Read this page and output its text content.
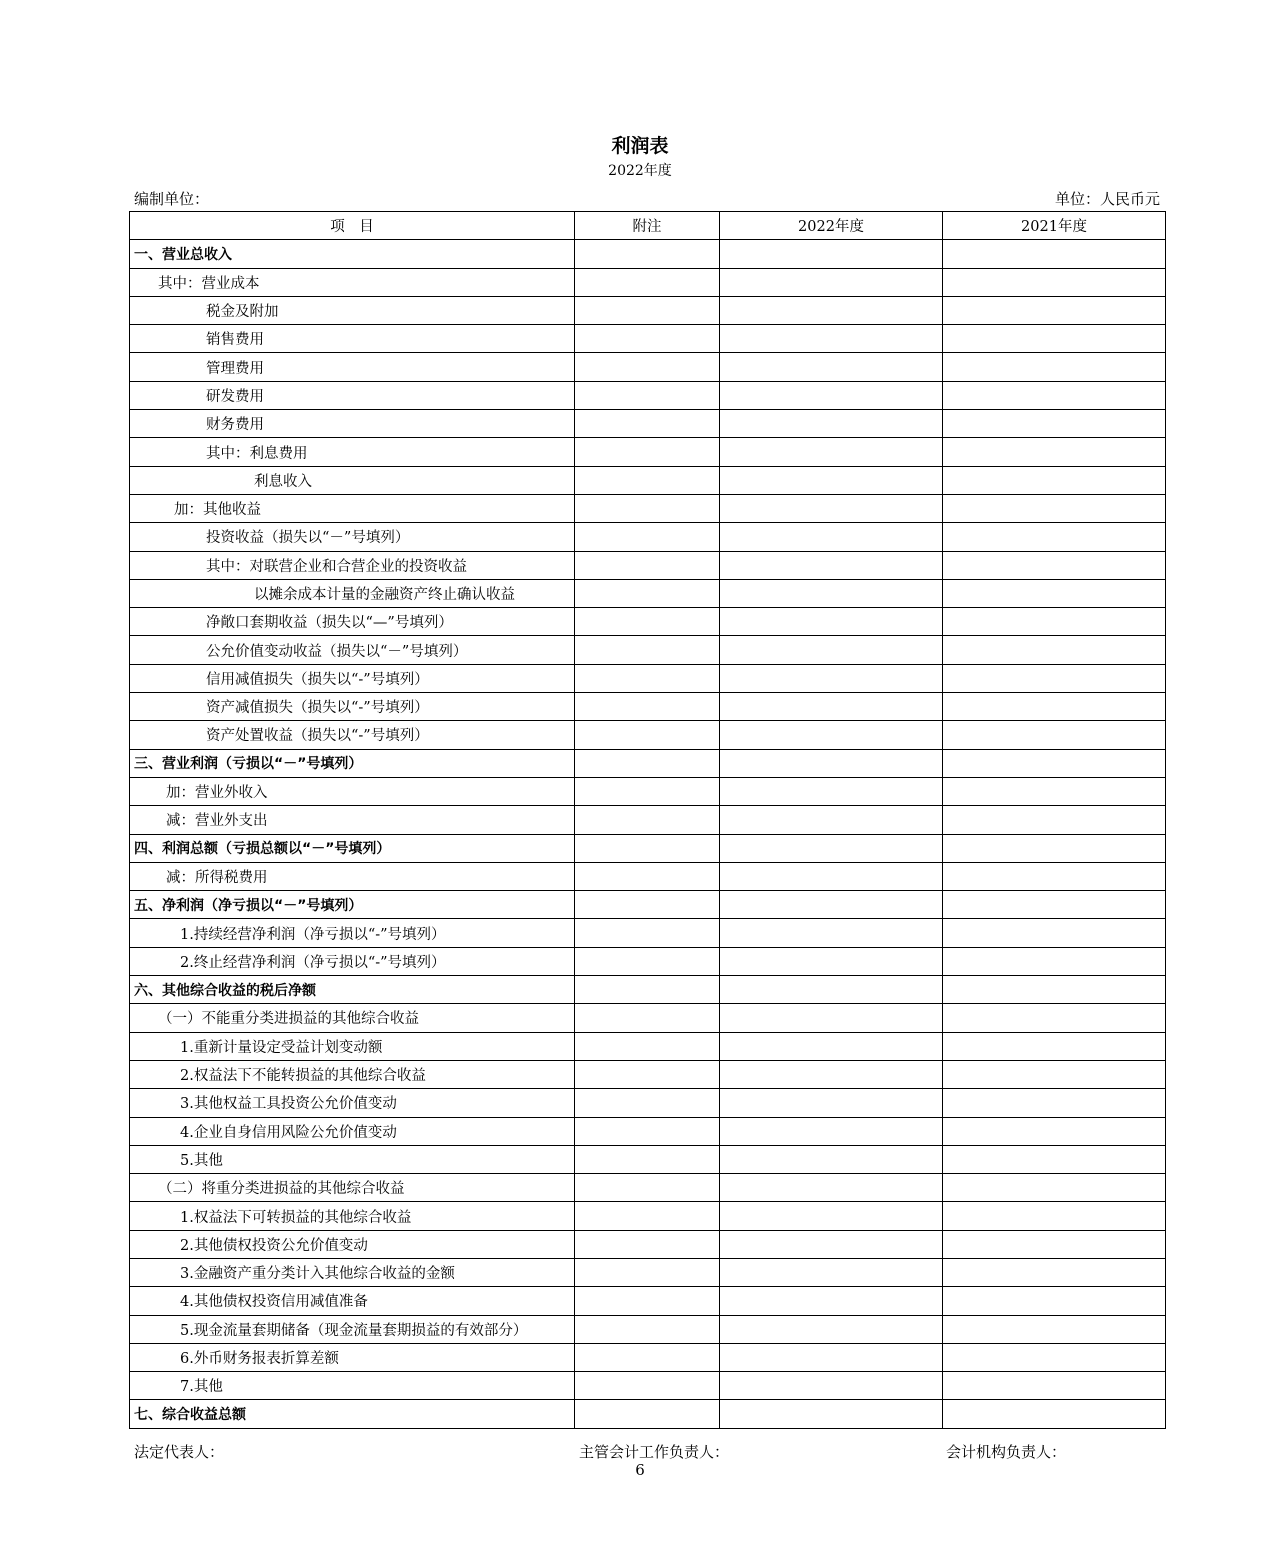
利润表
2022年度
编制单位：	单位：人民币元
项　目	附注	2022年度	2021年度
一、营业总收入			
其中：营业成本			
税金及附加			
销售费用			
管理费用			
研发费用			
财务费用			
其中：利息费用			
利息收入			
加：其他收益			
投资收益（损失以“－”号填列）			
其中：对联营企业和合营企业的投资收益			
以摊余成本计量的金融资产终止确认收益			
净敞口套期收益（损失以“—”号填列）			
公允价值变动收益（损失以“－”号填列）			
信用减值损失（损失以“-”号填列）			
资产减值损失（损失以“-”号填列）			
资产处置收益（损失以“-”号填列）			
三、营业利润（亏损以“－”号填列）			
加：营业外收入			
减：营业外支出			
四、利润总额（亏损总额以“－”号填列）			
减：所得税费用			
五、净利润（净亏损以“－”号填列）			
1.持续经营净利润（净亏损以“-”号填列）			
2.终止经营净利润（净亏损以“-”号填列）			
六、其他综合收益的税后净额			
（一）不能重分类进损益的其他综合收益			
1.重新计量设定受益计划变动额			
2.权益法下不能转损益的其他综合收益			
3.其他权益工具投资公允价值变动			
4.企业自身信用风险公允价值变动			
5.其他			
（二）将重分类进损益的其他综合收益			
1.权益法下可转损益的其他综合收益			
2.其他债权投资公允价值变动			
3.金融资产重分类计入其他综合收益的金额			
4.其他债权投资信用减值准备			
5.现金流量套期储备（现金流量套期损益的有效部分）			
6.外币财务报表折算差额			
7.其他			
七、综合收益总额			
法定代表人：	主管会计工作负责人：	会计机构负责人：
6
